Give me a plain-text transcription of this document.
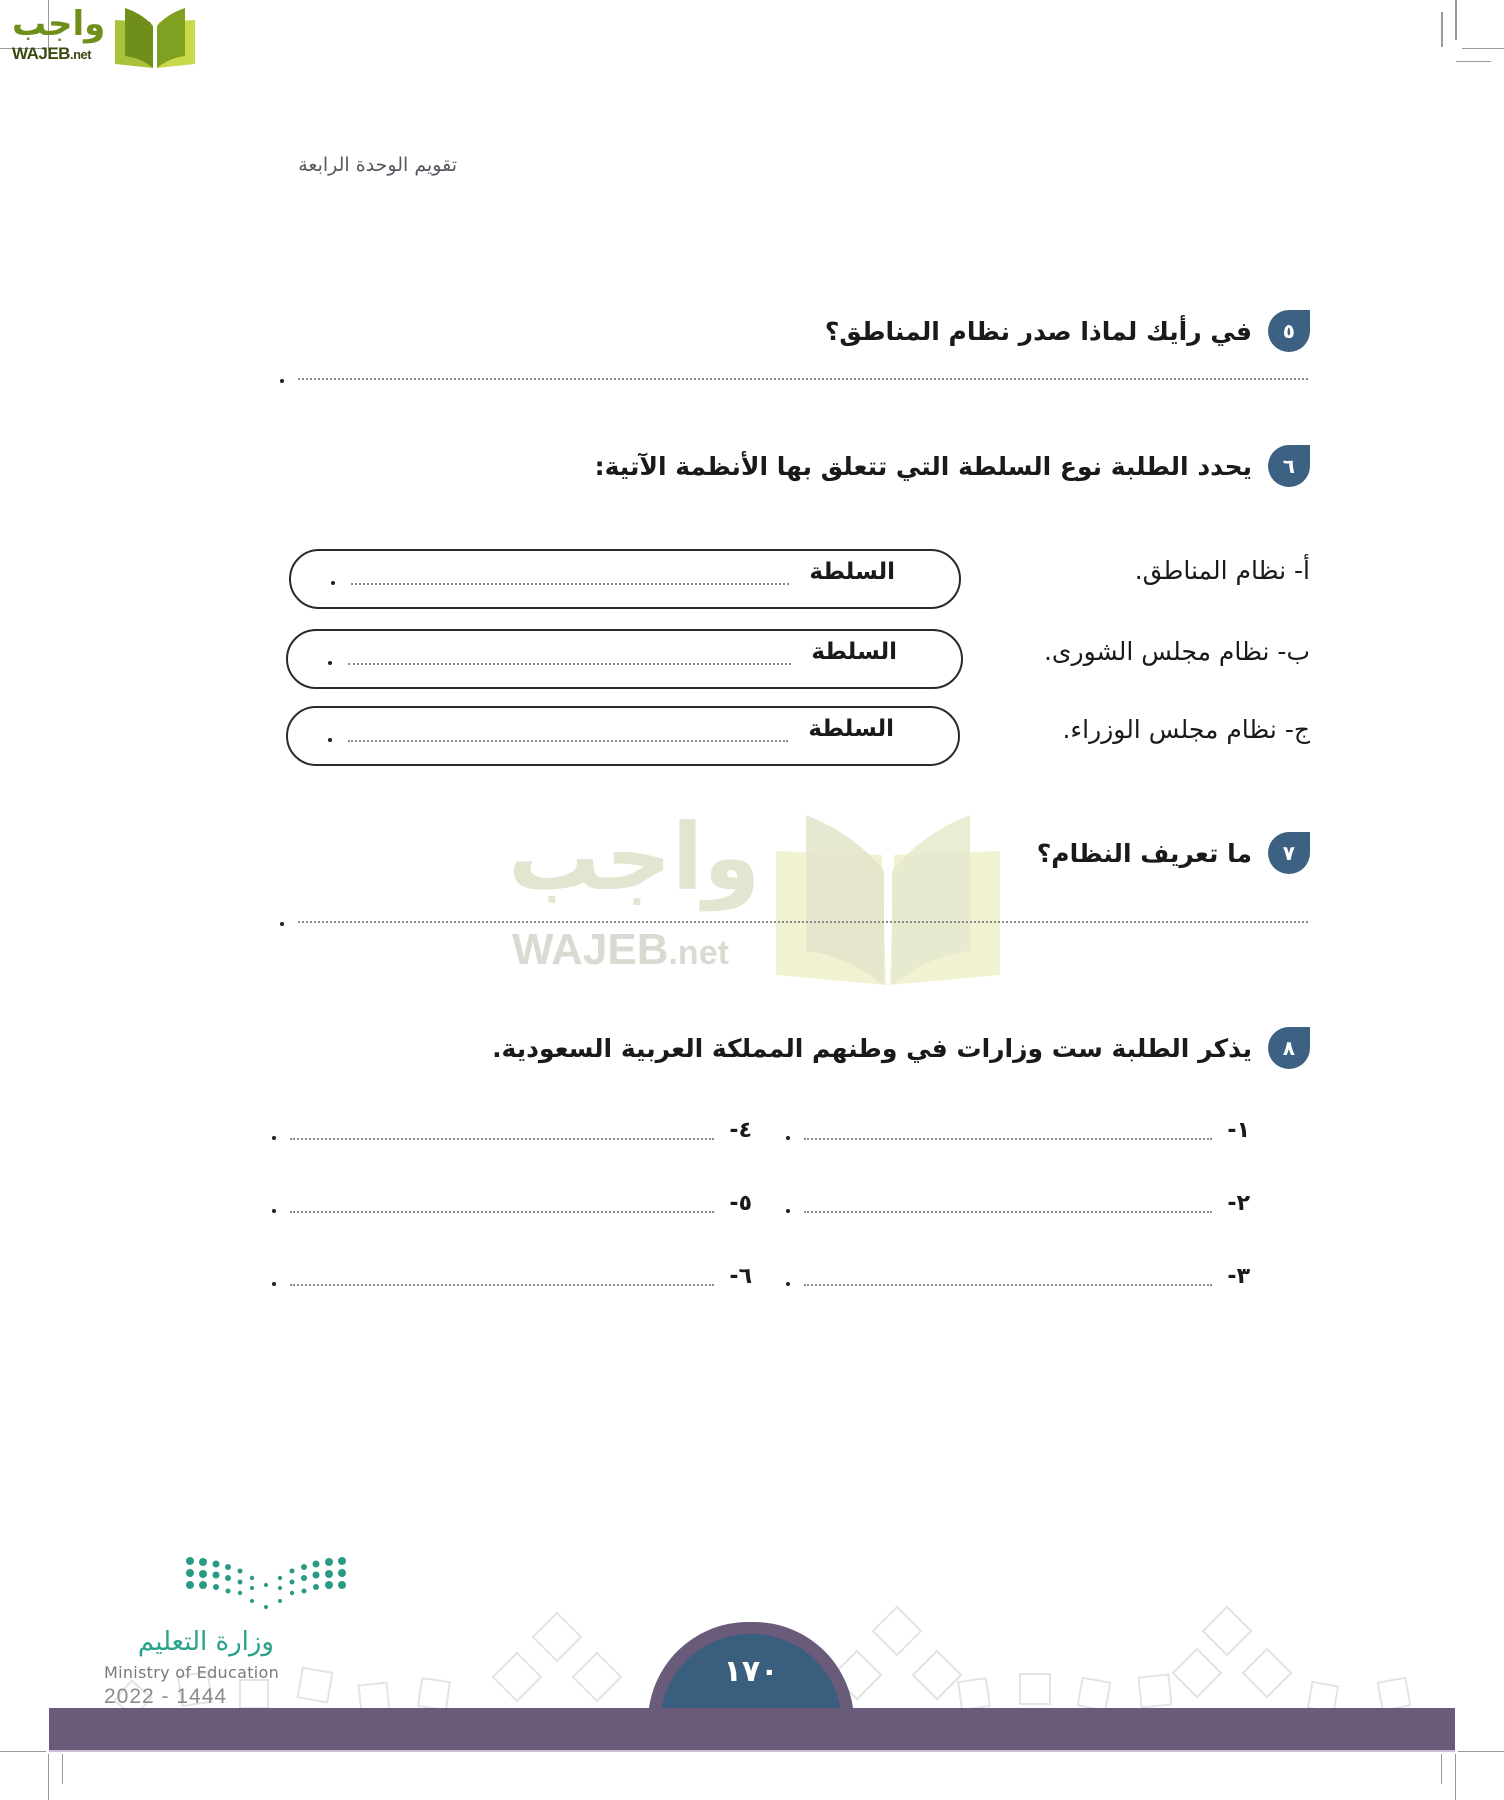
واجب
WAJEB.net
تقويم الوحدة الرابعة
٥
في رأيك لماذا صدر نظام المناطق؟
٦
يحدد الطلبة نوع السلطة التي تتعلق بها الأنظمة الآتية:
أ- نظام المناطق.
السلطة
ب- نظام مجلس الشورى.
السلطة
ج- نظام مجلس الوزراء.
السلطة
واجب
WAJEB.net
٧
ما تعريف النظام؟
٨
يذكر الطلبة ست وزارات في وطنهم المملكة العربية السعودية.
١-
٢-
٣-
٤-
٥-
٦-
وزارة التعليم
Ministry of Education
2022 - 1444
١٧٠
